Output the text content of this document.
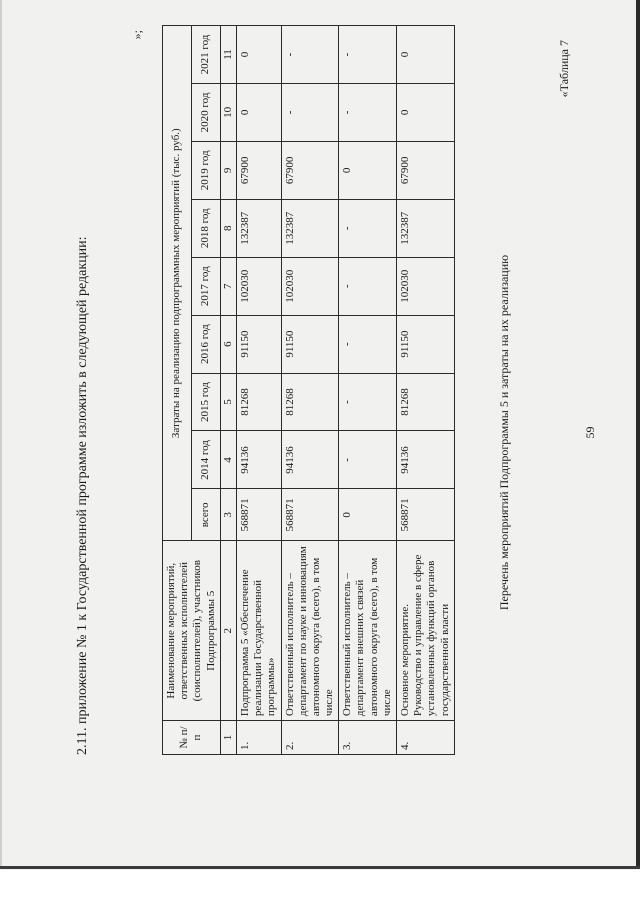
59
«Таблица 7
Перечень мероприятий Подпрограммы 5 и затраты на их реализацию
№ п/п	Наименование мероприятий, ответственных исполнителей (соисполнителей), участников Подпрограммы 5	Затраты на реализацию подпрограммных мероприятий (тыс. руб.)								
		всего	2014 год	2015 год	2016 год	2017 год	2018 год	2019 год	2020 год	2021 год
1	2	3	4	5	6	7	8	9	10	11
1.	Подпрограмма 5 «Обеспечение реализации Государственной программы»	568871	94136	81268	91150	102030	132387	67900	0	0
2.	Ответственный исполнитель – департамент по науке и инновациям автономного округа (всего), в том числе	568871	94136	81268	91150	102030	132387	67900	-	-
3.	Ответственный исполнитель – департамент внешних связей автономного округа (всего), в том числе	0	-	-	-	-	-	0	-	-
4.	Основное мероприятие. Руководство и управление в сфере установленных функций органов государственной власти	568871	94136	81268	91150	102030	132387	67900	0	0
»;
2.11. приложение № 1 к Государственной программе изложить в следующей редакции:
